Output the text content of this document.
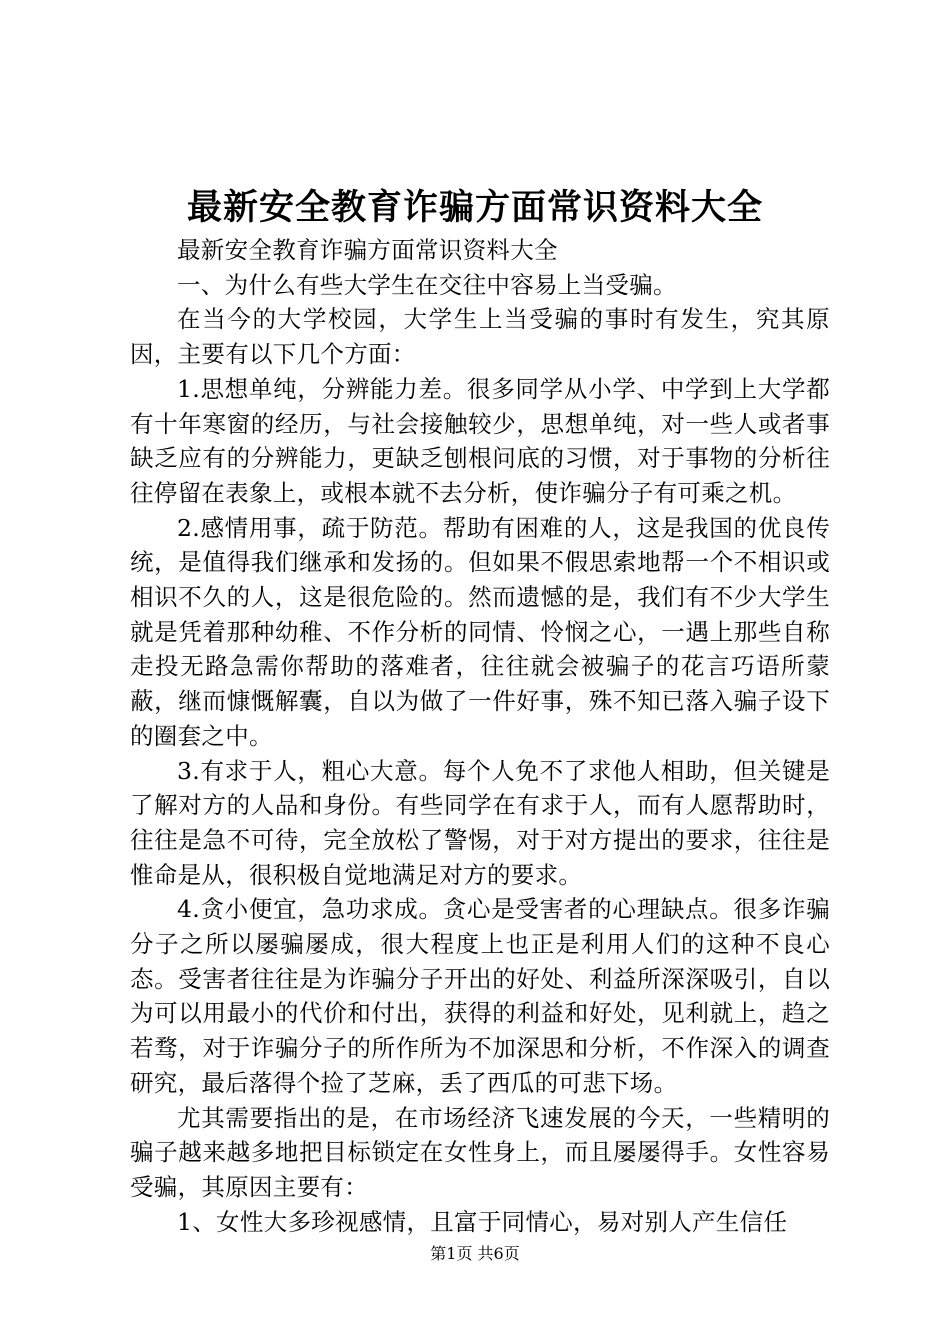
最新安全教育诈骗方面常识资料大全

最新安全教育诈骗方面常识资料大全

一、为什么有些大学生在交往中容易上当受骗。

在当今的大学校园，大学生上当受骗的事时有发生，究其原因，主要有以下几个方面：

1.思想单纯，分辨能力差。很多同学从小学、中学到上大学都有十年寒窗的经历，与社会接触较少，思想单纯，对一些人或者事缺乏应有的分辨能力，更缺乏刨根问底的习惯，对于事物的分析往往停留在表象上，或根本就不去分析，使诈骗分子有可乘之机。

2.感情用事，疏于防范。帮助有困难的人，这是我国的优良传统，是值得我们继承和发扬的。但如果不假思索地帮一个不相识或相识不久的人，这是很危险的。然而遗憾的是，我们有不少大学生就是凭着那种幼稚、不作分析的同情、怜悯之心，一遇上那些自称走投无路急需你帮助的落难者，往往就会被骗子的花言巧语所蒙蔽，继而慷慨解囊，自以为做了一件好事，殊不知已落入骗子设下的圈套之中。

3.有求于人，粗心大意。每个人免不了求他人相助，但关键是了解对方的人品和身份。有些同学在有求于人，而有人愿帮助时，往往是急不可待，完全放松了警惕，对于对方提出的要求，往往是惟命是从，很积极自觉地满足对方的要求。

4.贪小便宜，急功求成。贪心是受害者的心理缺点。很多诈骗分子之所以屡骗屡成，很大程度上也正是利用人们的这种不良心态。受害者往往是为诈骗分子开出的好处、利益所深深吸引，自以为可以用最小的代价和付出，获得的利益和好处，见利就上，趋之若骛，对于诈骗分子的所作所为不加深思和分析，不作深入的调查研究，最后落得个捡了芝麻，丢了西瓜的可悲下场。

尤其需要指出的是，在市场经济飞速发展的今天，一些精明的骗子越来越多地把目标锁定在女性身上，而且屡屡得手。女性容易受骗，其原因主要有：

1、女性大多珍视感情，且富于同情心，易对别人产生信任

第1页 共6页
